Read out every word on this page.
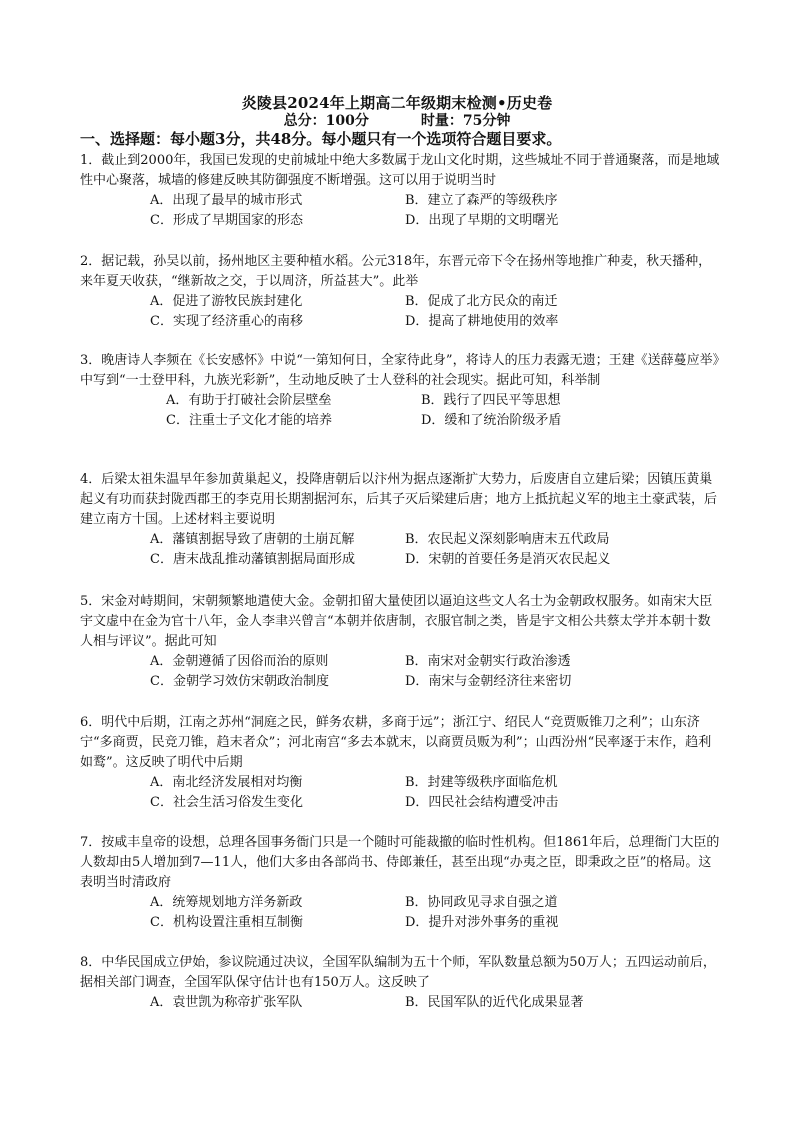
炎陵县2024年上期高二年级期末检测•历史卷
总分：100分	时量：75分钟
一、选择题：每小题3分，共48分。每小题只有一个选项符合题目要求。

1．截止到2000年，我国已发现的史前城址中绝大多数属于龙山文化时期，这些城址不同于普通聚落，而是地域性中心聚落，城墙的修建反映其防御强度不断增强。这可以用于说明当时

A．出现了最早的城市形式	B．建立了森严的等级秩序
C．形成了早期国家的形态	D．出现了早期的文明曙光

2．据记载，孙吴以前，扬州地区主要种植水稻。公元318年，东晋元帝下令在扬州等地推广种麦，秋天播种，来年夏天收获，“继新故之交，于以周济，所益甚大”。此举

A．促进了游牧民族封建化	B．促成了北方民众的南迁
C．实现了经济重心的南移	D．提高了耕地使用的效率

3．晚唐诗人李频在《长安感怀》中说“一第知何日，全家待此身”，将诗人的压力表露无遗；王建《送薛蔓应举》中写到“一士登甲科，九族光彩新”，生动地反映了士人登科的社会现实。据此可知，科举制

A．有助于打破社会阶层壁垒	B．践行了四民平等思想
C．注重士子文化才能的培养	D．缓和了统治阶级矛盾

4．后梁太祖朱温早年参加黄巢起义，投降唐朝后以汴州为据点逐渐扩大势力，后废唐自立建后梁；因镇压黄巢起义有功而获封陇西郡王的李克用长期割据河东，后其子灭后梁建后唐；地方上抵抗起义军的地主土豪武装，后建立南方十国。上述材料主要说明

A．藩镇割据导致了唐朝的土崩瓦解	B．农民起义深刻影响唐末五代政局
C．唐末战乱推动藩镇割据局面形成	D．宋朝的首要任务是消灭农民起义

5．宋金对峙期间，宋朝频繁地遣使大金。金朝扣留大量使团以逼迫这些文人名士为金朝政权服务。如南宋大臣宇文虚中在金为官十八年，金人李聿兴曾言“本朝并依唐制，衣服官制之类，皆是宇文相公共蔡太学并本朝十数人相与评议”。据此可知

A．金朝遵循了因俗而治的原则	B．南宋对金朝实行政治渗透
C．金朝学习效仿宋朝政治制度	D．南宋与金朝经济往来密切

6．明代中后期，江南之苏州“洞庭之民，鲜务农耕，多商于远”；浙江宁、绍民人“竞贾贩锥刀之利”；山东济宁“多商贾，民竞刀锥，趋末者众”；河北南宫“多去本就末，以商贾员贩为利”；山西汾州“民率逐于末作，趋利如鹜”。这反映了明代中后期

A．南北经济发展相对均衡	B．封建等级秩序面临危机
C．社会生活习俗发生变化	D．四民社会结构遭受冲击

7．按咸丰皇帝的设想，总理各国事务衙门只是一个随时可能裁撤的临时性机构。但1861年后，总理衙门大臣的人数却由5人增加到7—11人，他们大多由各部尚书、侍郎兼任，甚至出现“办夷之臣，即秉政之臣”的格局。这表明当时清政府

A．统筹规划地方洋务新政	B．协同政见寻求自强之道
C．机构设置注重相互制衡	D．提升对涉外事务的重视

8．中华民国成立伊始，参议院通过决议，全国军队编制为五十个师，军队数量总额为50万人；五四运动前后，据相关部门调查，全国军队保守估计也有150万人。这反映了

A．袁世凯为称帝扩张军队	B．民国军队的近代化成果显著
